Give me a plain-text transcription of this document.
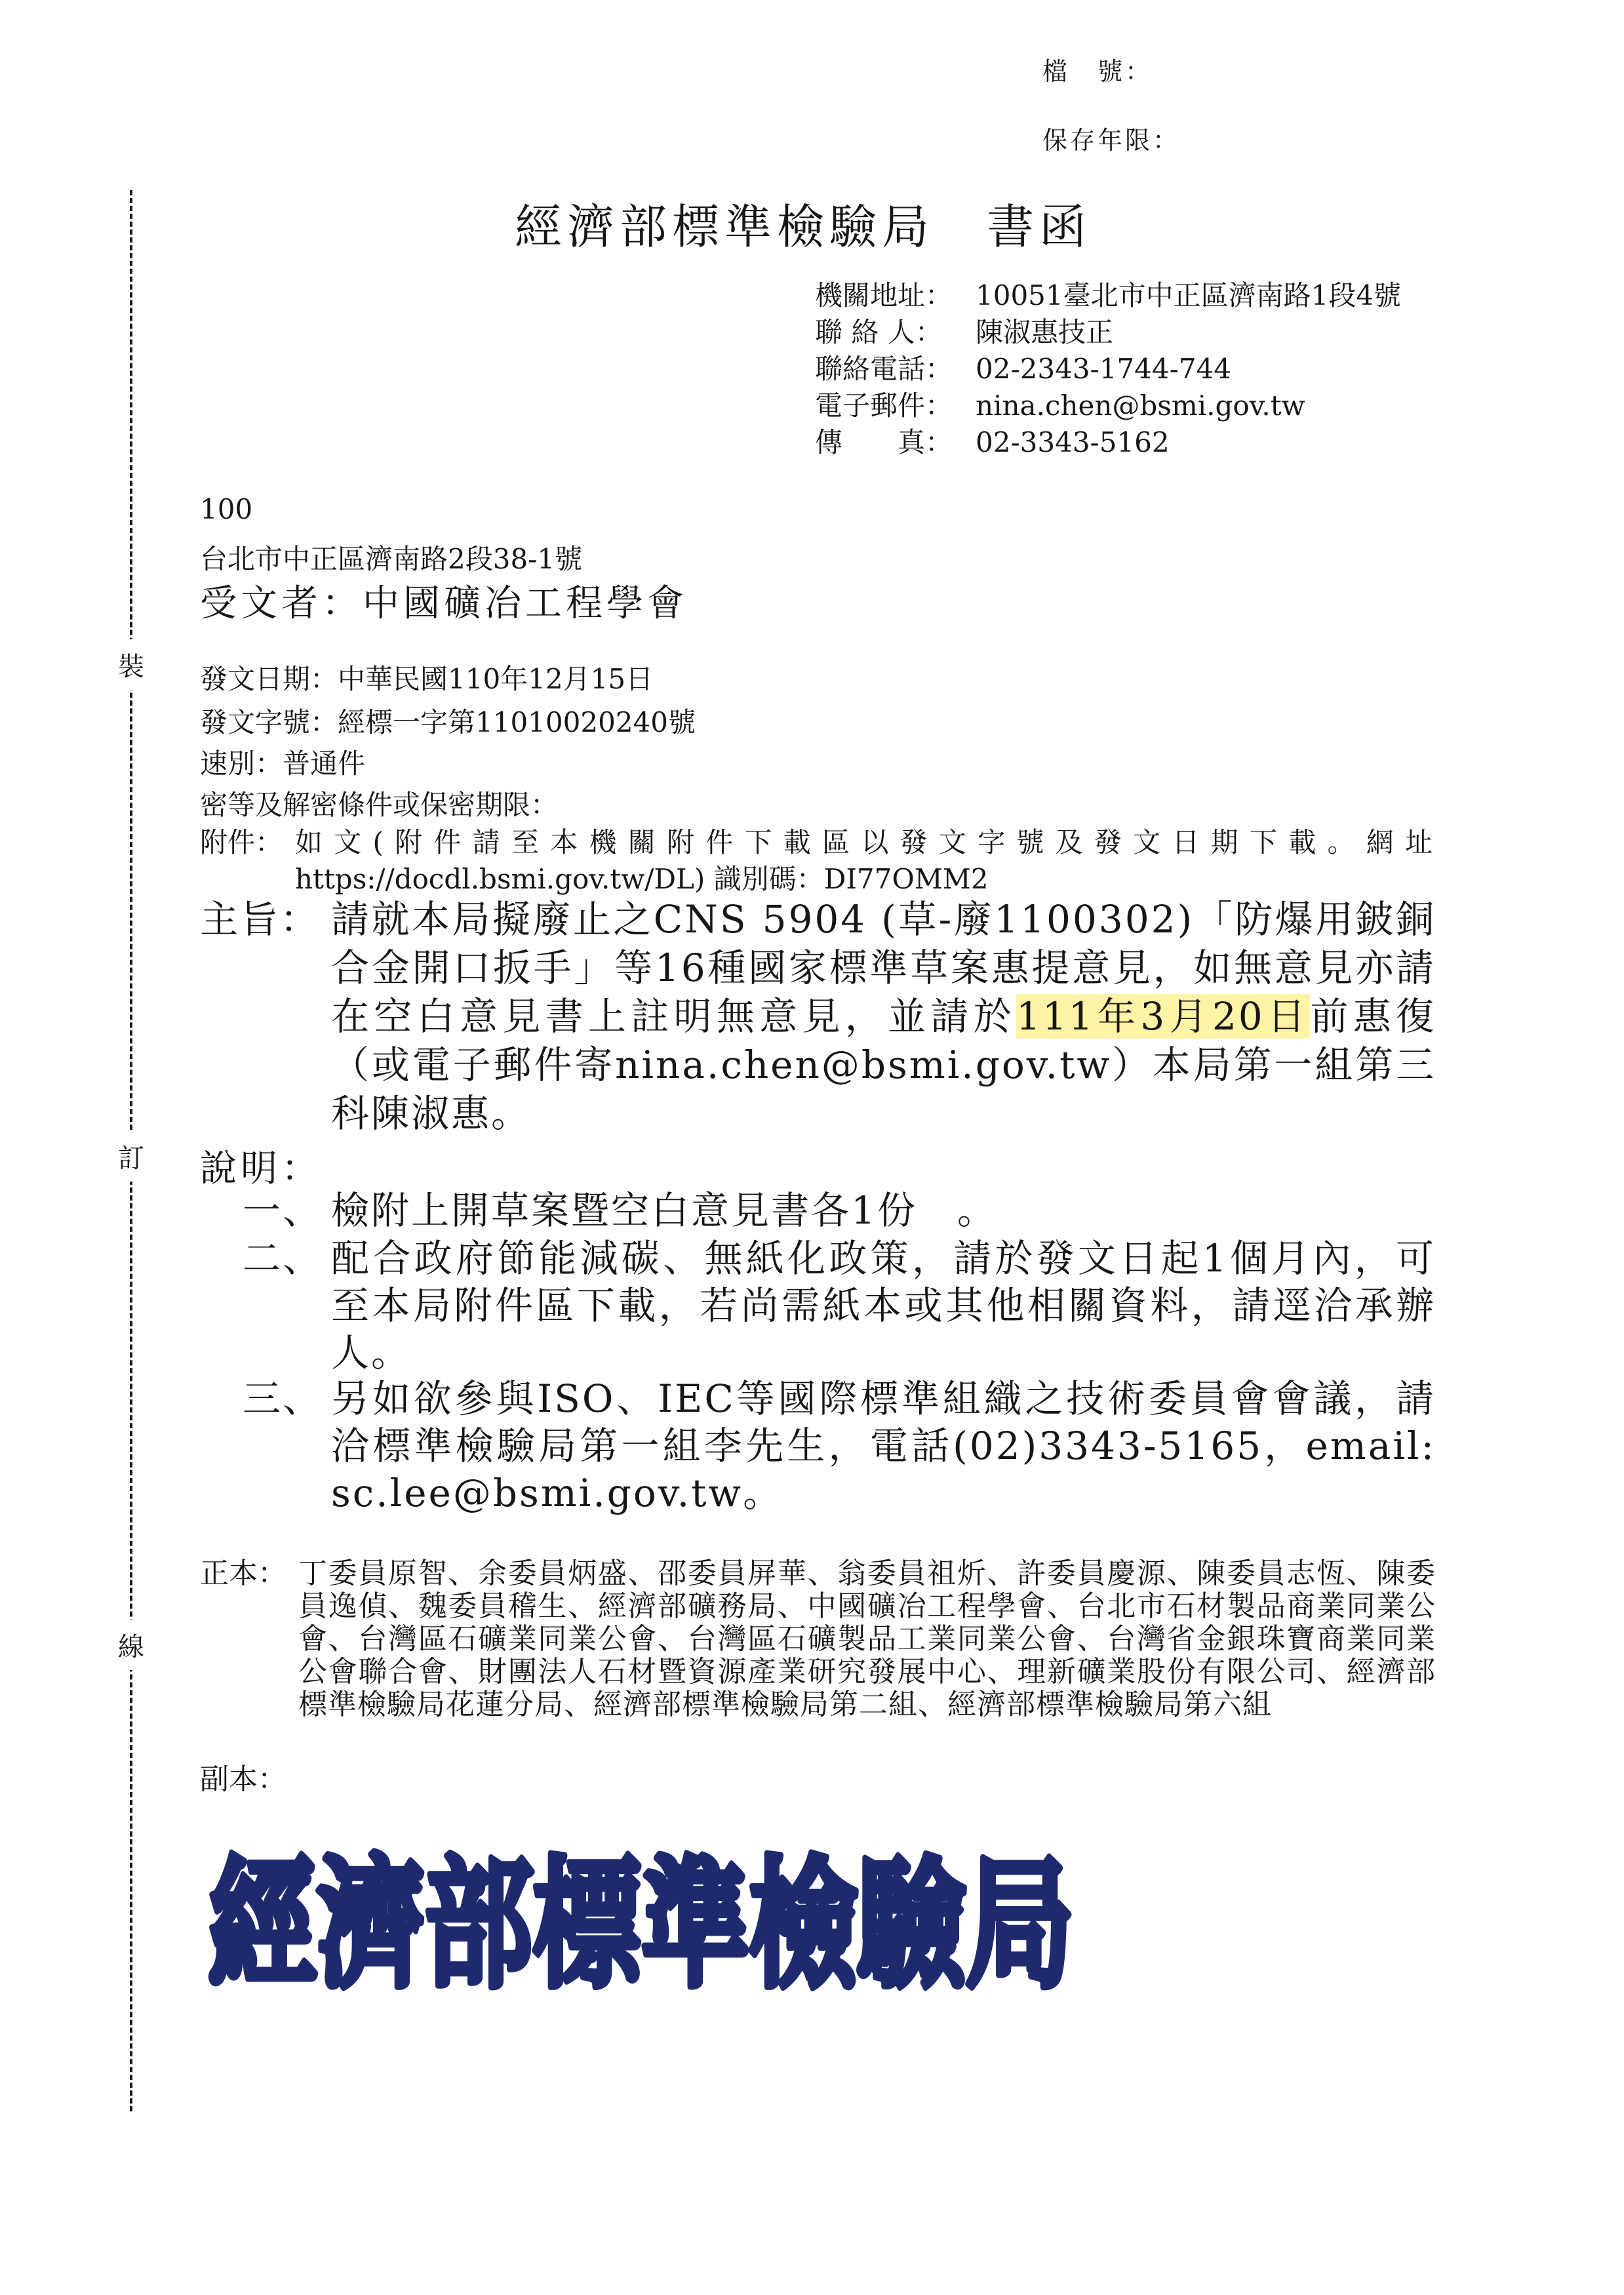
裝
訂
線
檔　號：
保存年限：
經濟部標準檢驗局　書函
機關地址： 10051臺北市中正區濟南路1段4號
聯 絡 人： 陳淑惠技正
聯絡電話： 02-2343-1744-744
電子郵件： nina.chen@bsmi.gov.tw
傳　　真： 02-3343-5162
100
台北市中正區濟南路2段38-1號
受文者：中國礦冶工程學會
發文日期：中華民國110年12月15日
發文字號：經標一字第11010020240號
速別：普通件
密等及解密條件或保密期限：
附件： 如文(附件請至本機關附件下載區以發文字號及發文日期下載。網址https://docdl.bsmi.gov.tw/DL) 識別碼：DI77OMM2
主旨： 請就本局擬廢止之CNS 5904 (草-廢1100302)「防爆用鈹銅合金開口扳手」等16種國家標準草案惠提意見，如無意見亦請在空白意見書上註明無意見，並請於111年3月20日前惠復（或電子郵件寄nina.chen@bsmi.gov.tw）本局第一組第三科陳淑惠。
說明：
一、 檢附上開草案暨空白意見書各1份　。
二、 配合政府節能減碳、無紙化政策，請於發文日起1個月內，可至本局附件區下載，若尚需紙本或其他相關資料，請逕洽承辦人。
三、 另如欲參與ISO、IEC等國際標準組織之技術委員會會議，請洽標準檢驗局第一組李先生，電話(02)3343-5165，email: sc.lee@bsmi.gov.tw。
正本： 丁委員原智、余委員炳盛、邵委員屏華、翁委員祖炘、許委員慶源、陳委員志恆、陳委員逸偵、魏委員稽生、經濟部礦務局、中國礦冶工程學會、台北市石材製品商業同業公會、台灣區石礦業同業公會、台灣區石礦製品工業同業公會、台灣省金銀珠寶商業同業公會聯合會、財團法人石材暨資源產業研究發展中心、理新礦業股份有限公司、經濟部標準檢驗局花蓮分局、經濟部標準檢驗局第二組、經濟部標準檢驗局第六組
副本：
經濟部標準檢驗局
